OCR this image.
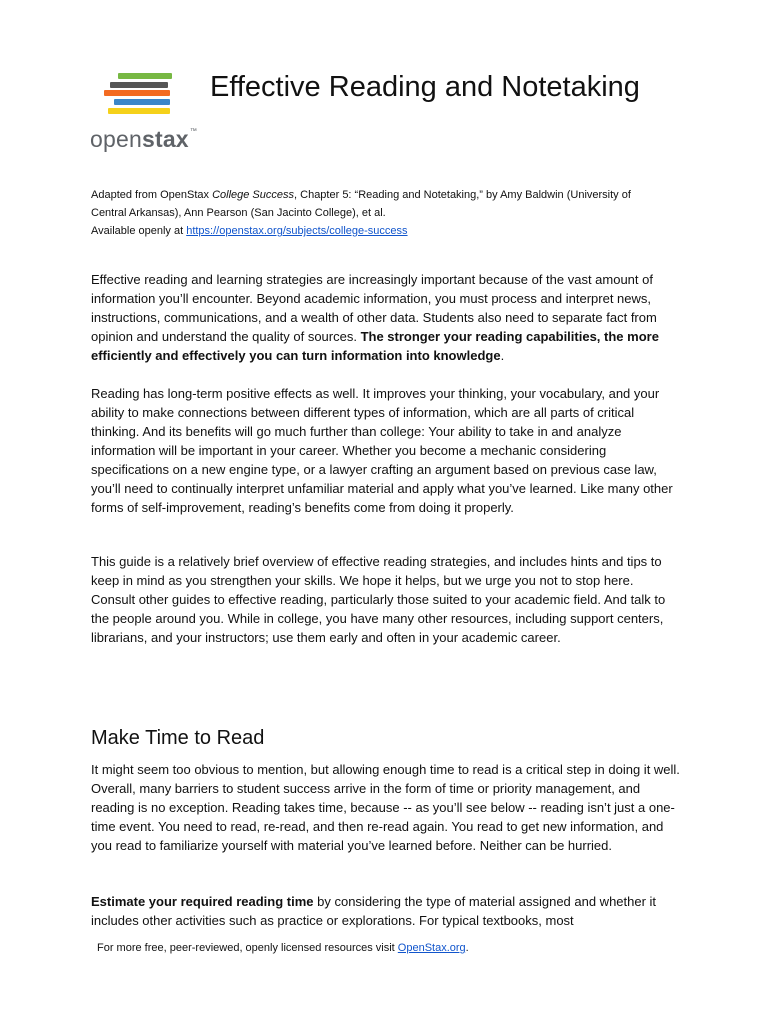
openstax™
Effective Reading and Notetaking

Adapted from OpenStax College Success, Chapter 5: “Reading and Notetaking,” by Amy Baldwin (University of Central Arkansas), Ann Pearson (San Jacinto College), et al.
Available openly at https://openstax.org/subjects/college-success

Effective reading and learning strategies are increasingly important because of the vast amount of information you’ll encounter. Beyond academic information, you must process and interpret news, instructions, communications, and a wealth of other data. Students also need to separate fact from opinion and understand the quality of sources. The stronger your reading capabilities, the more efficiently and effectively you can turn information into knowledge.

Reading has long-term positive effects as well. It improves your thinking, your vocabulary, and your ability to make connections between different types of information, which are all parts of critical thinking. And its benefits will go much further than college: Your ability to take in and analyze information will be important in your career. Whether you become a mechanic considering specifications on a new engine type, or a lawyer crafting an argument based on previous case law, you’ll need to continually interpret unfamiliar material and apply what you’ve learned. Like many other forms of self-improvement, reading’s benefits come from doing it properly.

This guide is a relatively brief overview of effective reading strategies, and includes hints and tips to keep in mind as you strengthen your skills. We hope it helps, but we urge you not to stop here. Consult other guides to effective reading, particularly those suited to your academic field. And talk to the people around you. While in college, you have many other resources, including support centers, librarians, and your instructors; use them early and often in your academic career.

Make Time to Read

It might seem too obvious to mention, but allowing enough time to read is a critical step in doing it well. Overall, many barriers to student success arrive in the form of time or priority management, and reading is no exception. Reading takes time, because -- as you’ll see below -- reading isn’t just a one-time event. You need to read, re-read, and then re-read again. You read to get new information, and you read to familiarize yourself with material you’ve learned before. Neither can be hurried.

Estimate your required reading time by considering the type of material assigned and whether it includes other activities such as practice or explorations. For typical textbooks, most

For more free, peer-reviewed, openly licensed resources visit OpenStax.org.
